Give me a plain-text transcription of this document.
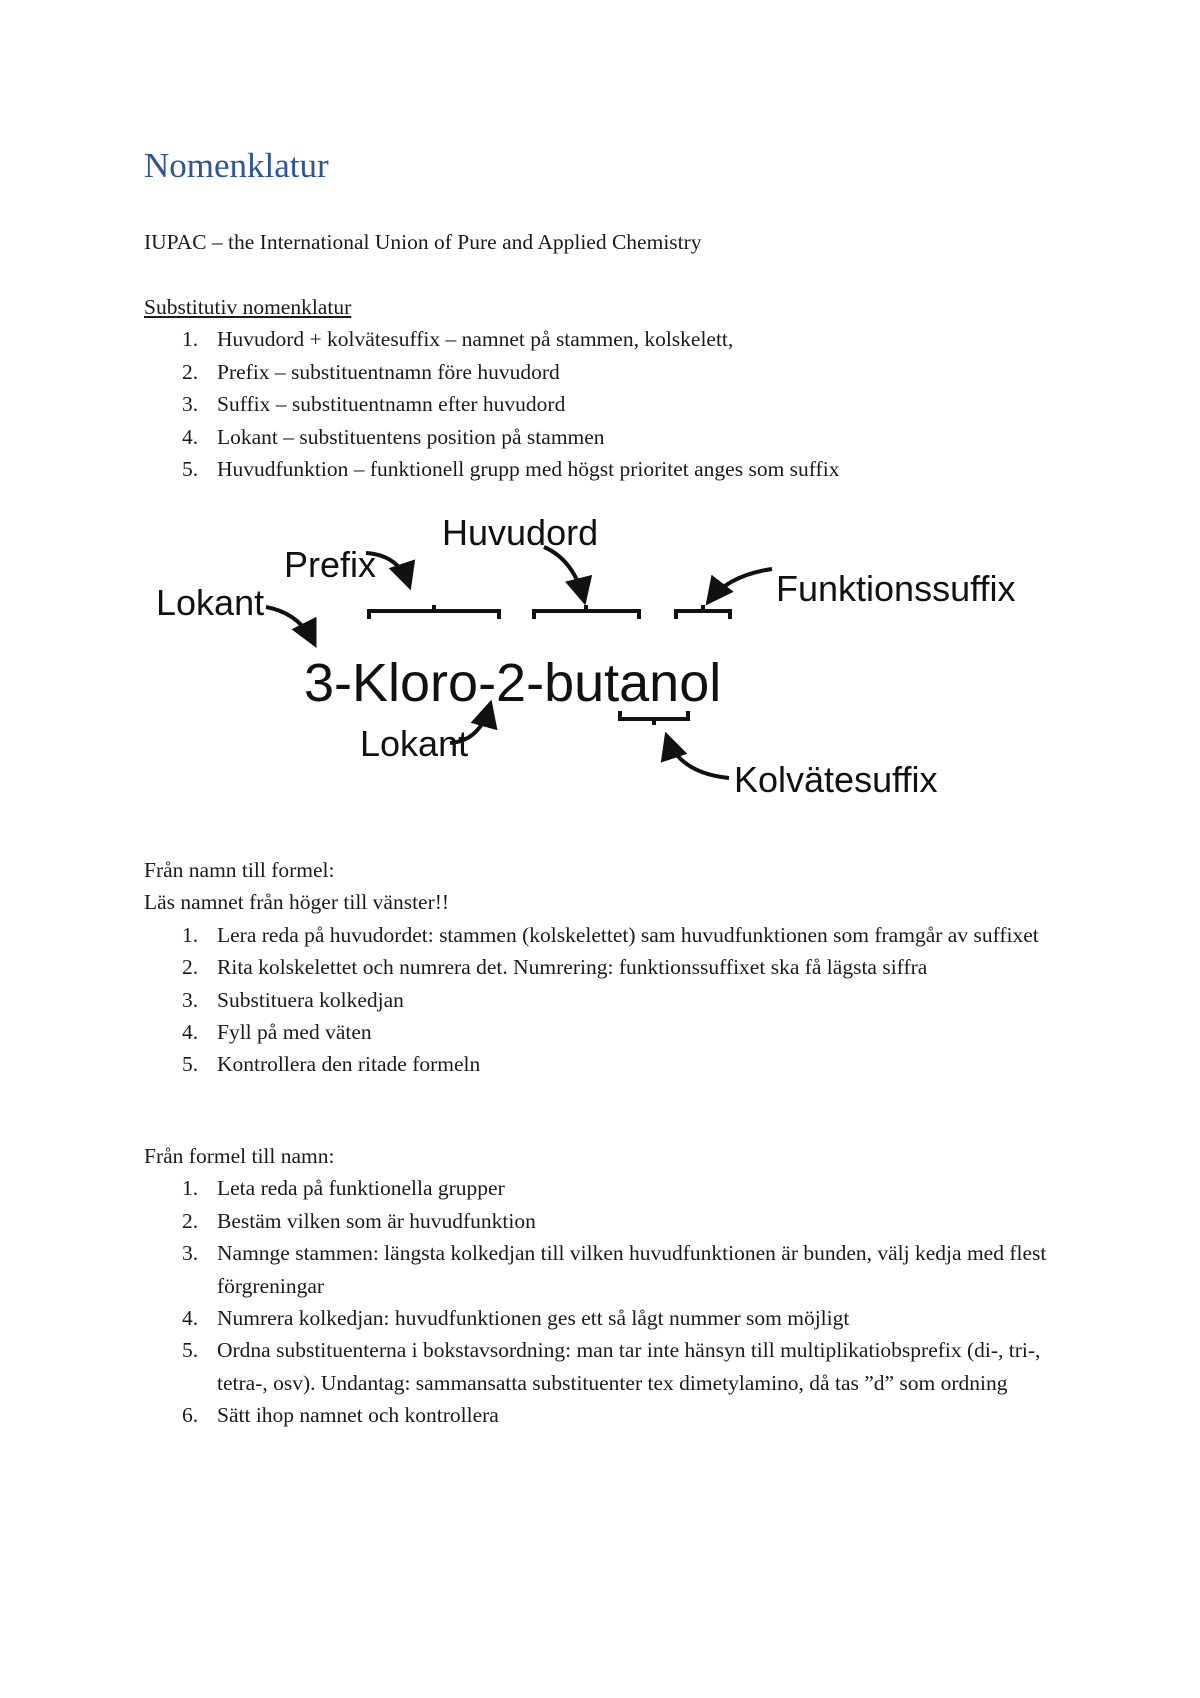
Nomenklatur
IUPAC – the International Union of Pure and Applied Chemistry
Substitutiv nomenklatur
1. Huvudord + kolvätesuffix – namnet på stammen, kolskelett,
2. Prefix – substituentnamn före huvudord
3. Suffix – substituentnamn efter huvudord
4. Lokant – substituentens position på stammen
5. Huvudfunktion – funktionell grupp med högst prioritet anges som suffix
Lokant
Prefix
Huvudord
Funktionssuffix
Lokant
Kolvätesuffix
3-Kloro-2-butanol
Från namn till formel:
Läs namnet från höger till vänster!!
1. Lera reda på huvudordet: stammen (kolskelettet) sam huvudfunktionen som framgår av suffixet
2. Rita kolskelettet och numrera det. Numrering: funktionssuffixet ska få lägsta siffra
3. Substituera kolkedjan
4. Fyll på med väten
5. Kontrollera den ritade formeln
Från formel till namn:
1. Leta reda på funktionella grupper
2. Bestäm vilken som är huvudfunktion
3. Namnge stammen: längsta kolkedjan till vilken huvudfunktionen är bunden, välj kedja med flest förgreningar
4. Numrera kolkedjan: huvudfunktionen ges ett så lågt nummer som möjligt
5. Ordna substituenterna i bokstavsordning: man tar inte hänsyn till multiplikatiobsprefix (di-, tri-, tetra-, osv). Undantag: sammansatta substituenter tex dimetylamino, då tas ”d” som ordning
6. Sätt ihop namnet och kontrollera
